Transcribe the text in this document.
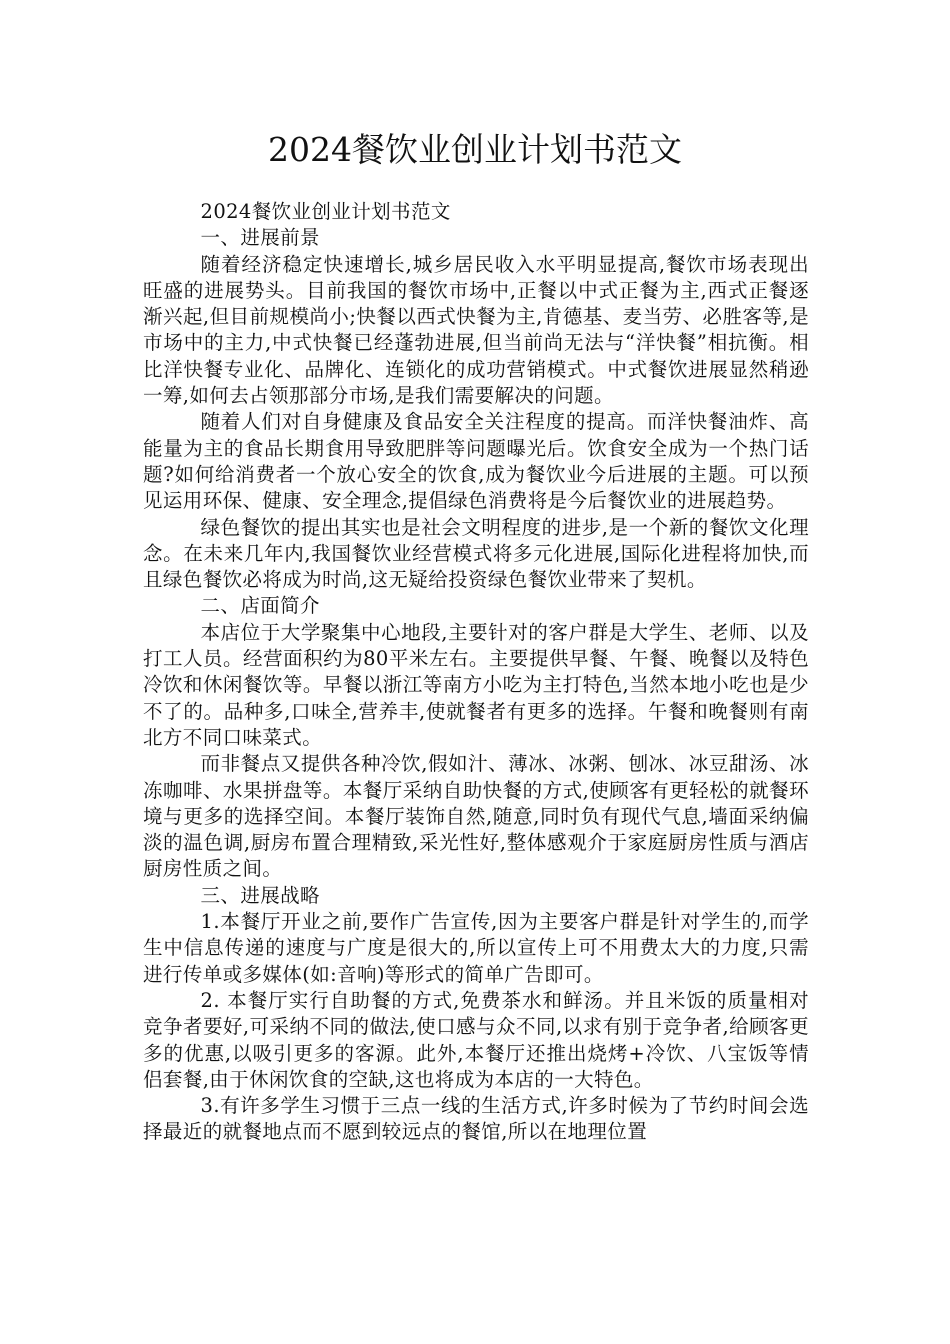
2024餐饮业创业计划书范文

2024餐饮业创业计划书范文

一、进展前景

随着经济稳定快速增长,城乡居民收入水平明显提高,餐饮市场表现出旺盛的进展势头。目前我国的餐饮市场中,正餐以中式正餐为主,西式正餐逐渐兴起,但目前规模尚小;快餐以西式快餐为主,肯德基、麦当劳、必胜客等,是市场中的主力,中式快餐已经蓬勃进展,但当前尚无法与“洋快餐”相抗衡。相比洋快餐专业化、品牌化、连锁化的成功营销模式。中式餐饮进展显然稍逊一筹,如何去占领那部分市场,是我们需要解决的问题。

随着人们对自身健康及食品安全关注程度的提高。而洋快餐油炸、高能量为主的食品长期食用导致肥胖等问题曝光后。饮食安全成为一个热门话题?如何给消费者一个放心安全的饮食,成为餐饮业今后进展的主题。可以预见运用环保、健康、安全理念,提倡绿色消费将是今后餐饮业的进展趋势。

绿色餐饮的提出其实也是社会文明程度的进步,是一个新的餐饮文化理念。在未来几年内,我国餐饮业经营模式将多元化进展,国际化进程将加快,而且绿色餐饮必将成为时尚,这无疑给投资绿色餐饮业带来了契机。

二、店面简介

本店位于大学聚集中心地段,主要针对的客户群是大学生、老师、以及打工人员。经营面积约为80平米左右。主要提供早餐、午餐、晚餐以及特色冷饮和休闲餐饮等。早餐以浙江等南方小吃为主打特色,当然本地小吃也是少不了的。品种多,口味全,营养丰,使就餐者有更多的选择。午餐和晚餐则有南北方不同口味菜式。

而非餐点又提供各种冷饮,假如汁、薄冰、冰粥、刨冰、冰豆甜汤、冰冻咖啡、水果拼盘等。本餐厅采纳自助快餐的方式,使顾客有更轻松的就餐环境与更多的选择空间。本餐厅装饰自然,随意,同时负有现代气息,墙面采纳偏淡的温色调,厨房布置合理精致,采光性好,整体感观介于家庭厨房性质与酒店厨房性质之间。

三、进展战略

1.本餐厅开业之前,要作广告宣传,因为主要客户群是针对学生的,而学生中信息传递的速度与广度是很大的,所以宣传上可不用费太大的力度,只需进行传单或多媒体(如:音响)等形式的简单广告即可。

2. 本餐厅实行自助餐的方式,免费茶水和鲜汤。并且米饭的质量相对竞争者要好,可采纳不同的做法,使口感与众不同,以求有别于竞争者,给顾客更多的优惠,以吸引更多的客源。此外,本餐厅还推出烧烤+冷饮、八宝饭等情侣套餐,由于休闲饮食的空缺,这也将成为本店的一大特色。

3.有许多学生习惯于三点一线的生活方式,许多时候为了节约时间会选择最近的就餐地点而不愿到较远点的餐馆,所以在地理位置
